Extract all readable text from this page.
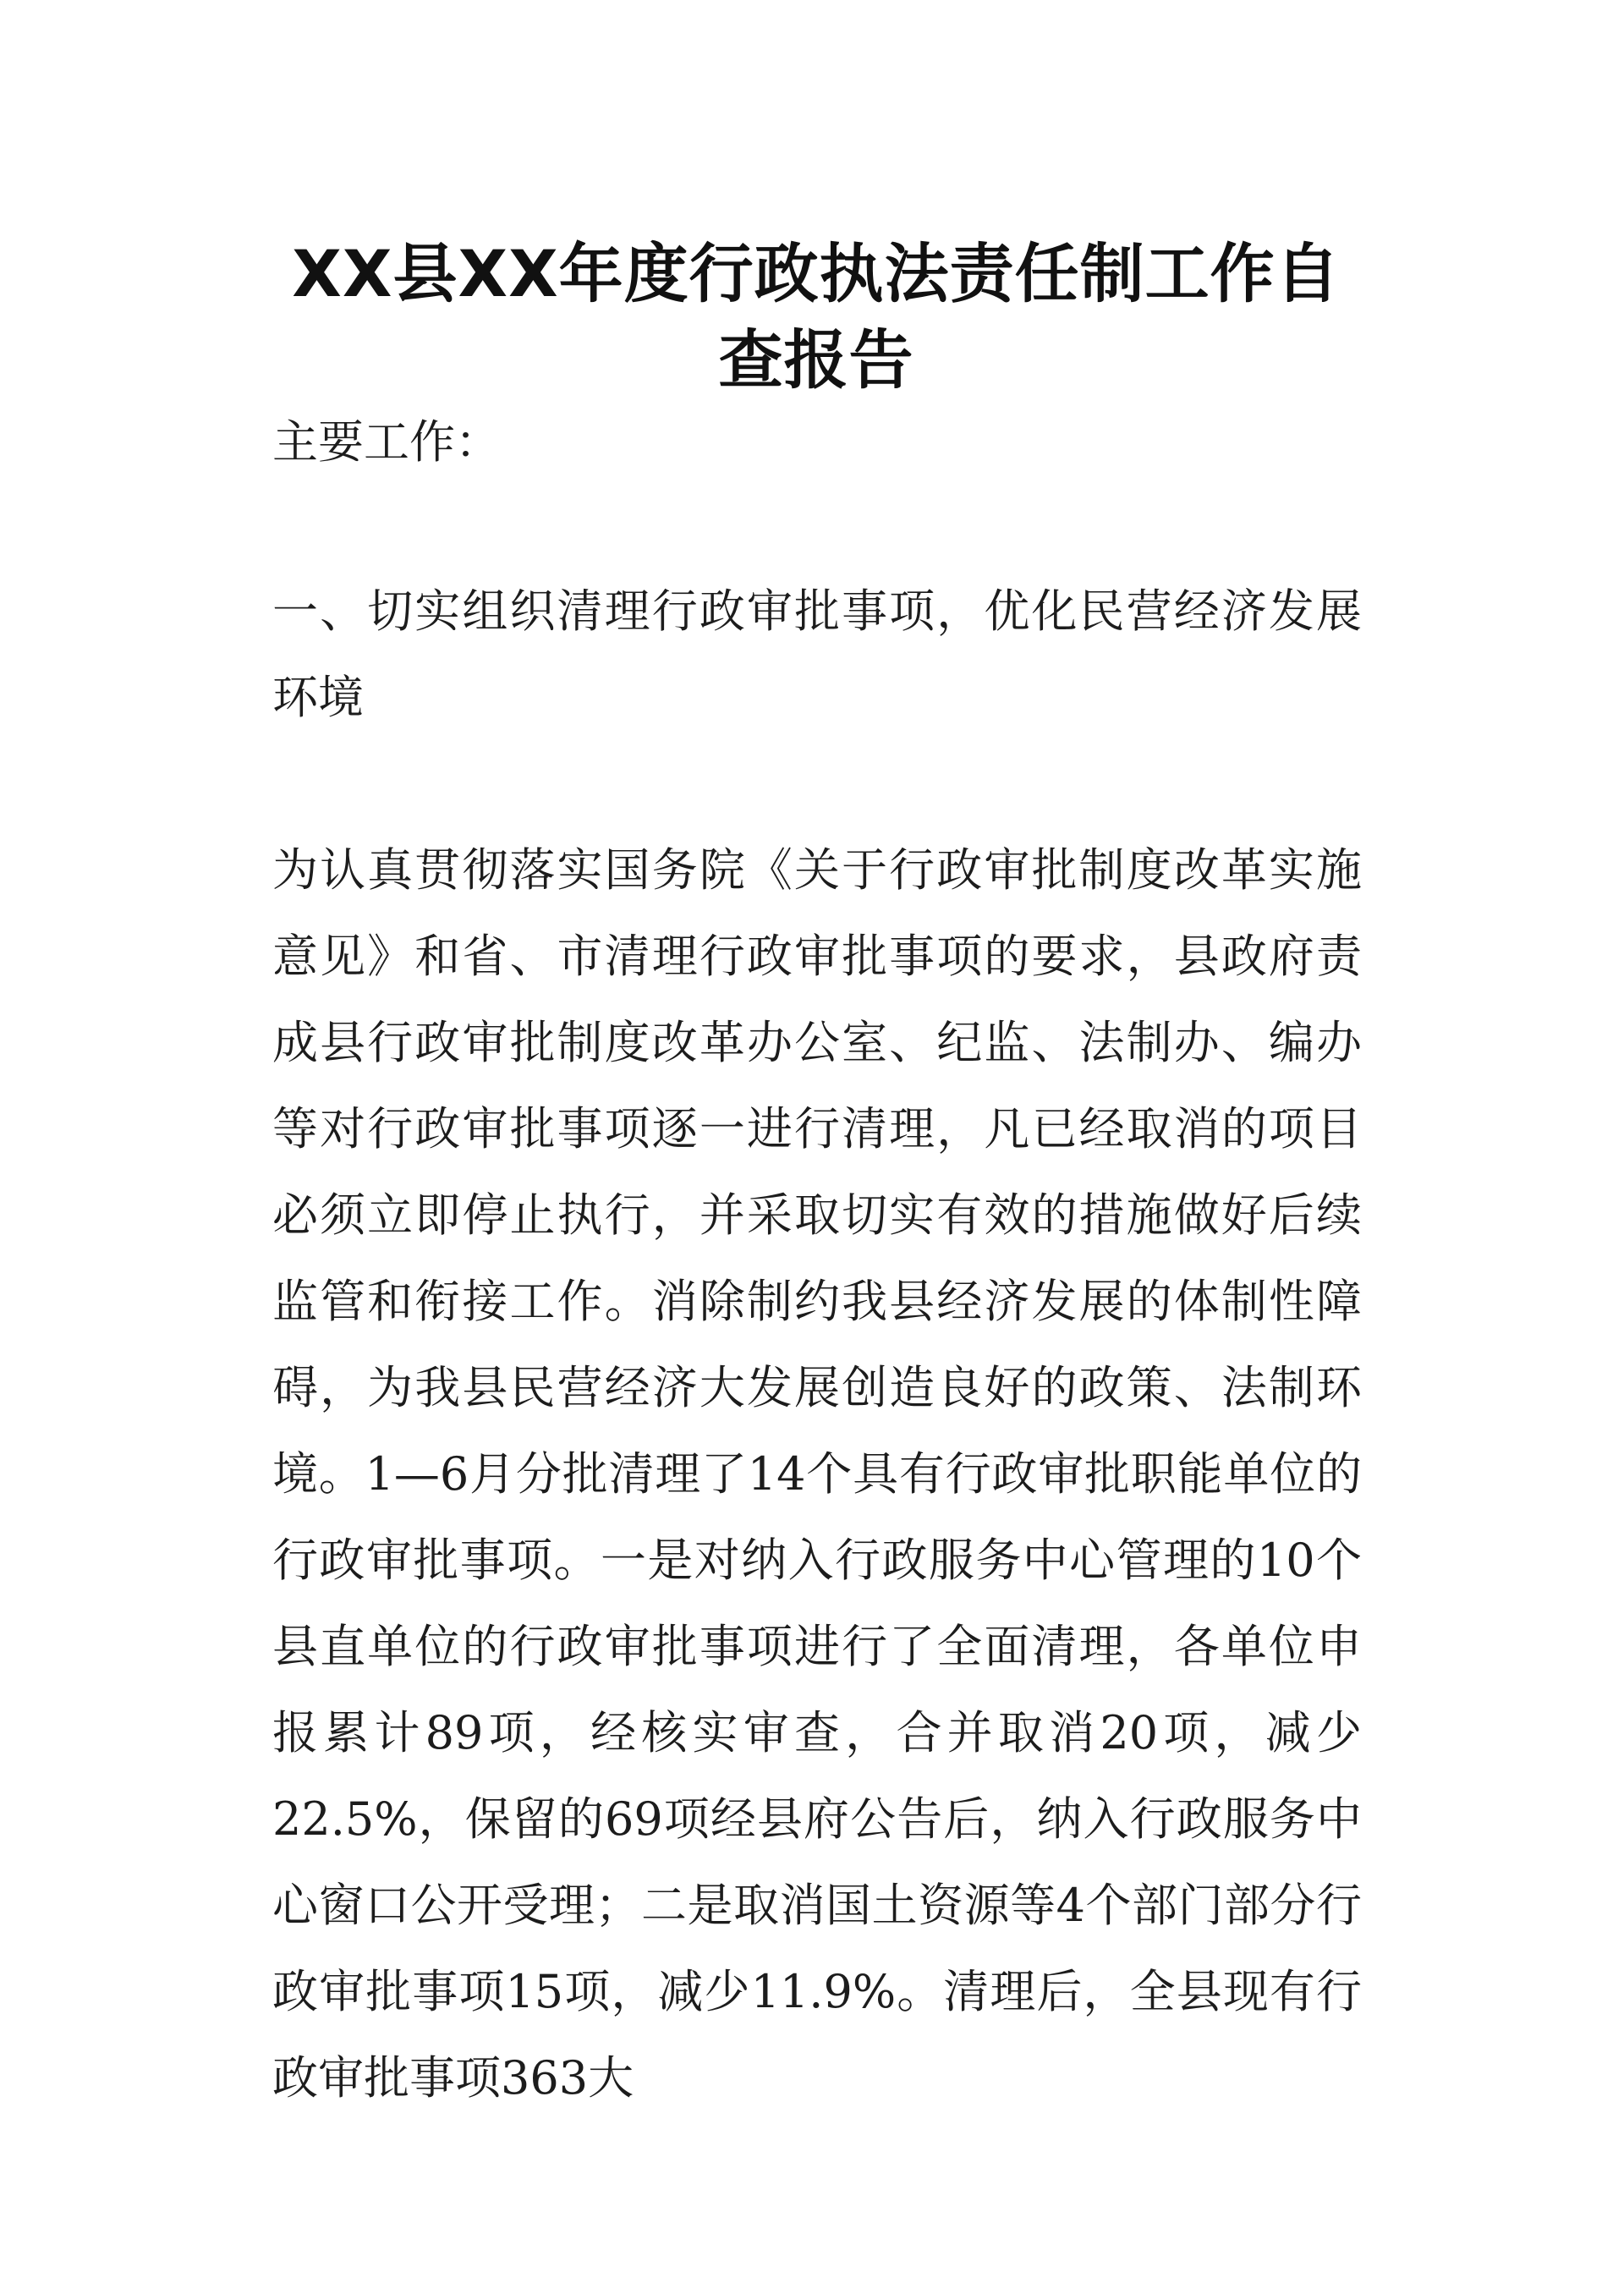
XX县XX年度行政执法责任制工作自查报告

主要工作：

一、切实组织清理行政审批事项，优化民营经济发展环境

为认真贯彻落实国务院《关于行政审批制度改革实施意见》和省、市清理行政审批事项的要求，县政府责成县行政审批制度改革办公室、纪监、法制办、编办等对行政审批事项逐一进行清理，凡已经取消的项目必须立即停止执行，并采取切实有效的措施做好后续监管和衔接工作。消除制约我县经济发展的体制性障碍，为我县民营经济大发展创造良好的政策、法制环境。1—6月分批清理了14个具有行政审批职能单位的行政审批事项。一是对纳入行政服务中心管理的10个县直单位的行政审批事项进行了全面清理，各单位申报累计89项，经核实审查，合并取消20项，减少22.5%，保留的69项经县府公告后，纳入行政服务中心窗口公开受理；二是取消国土资源等4个部门部分行政审批事项15项，减少11.9%。清理后，全县现有行政审批事项363大
